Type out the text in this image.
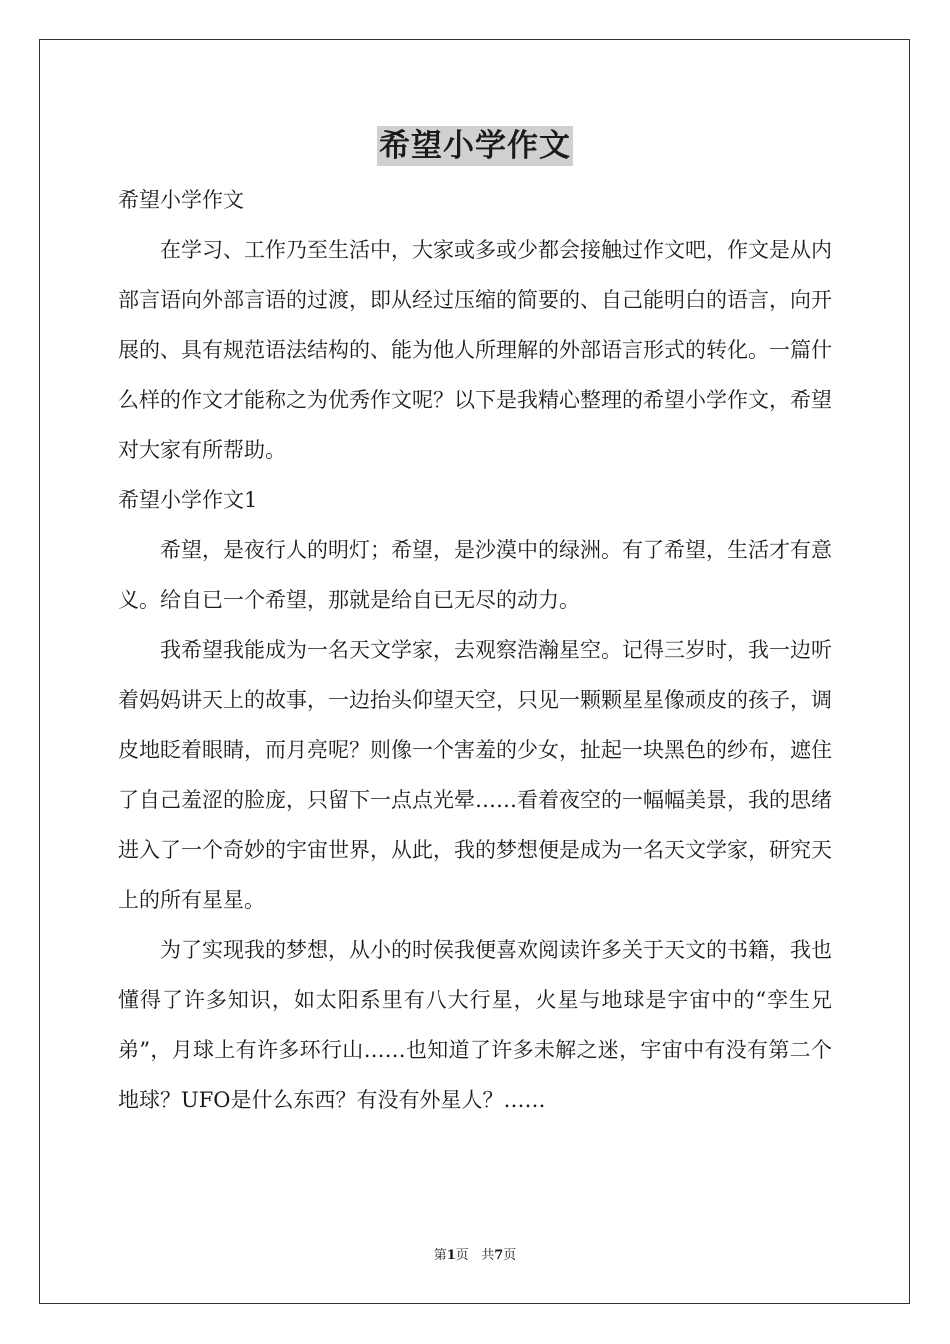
希望小学作文

希望小学作文

在学习、工作乃至生活中，大家或多或少都会接触过作文吧，作文是从内部言语向外部言语的过渡，即从经过压缩的简要的、自己能明白的语言，向开展的、具有规范语法结构的、能为他人所理解的外部语言形式的转化。一篇什么样的作文才能称之为优秀作文呢？以下是我精心整理的希望小学作文，希望对大家有所帮助。

希望小学作文1

希望，是夜行人的明灯；希望，是沙漠中的绿洲。有了希望，生活才有意义。给自已一个希望，那就是给自已无尽的动力。

我希望我能成为一名天文学家，去观察浩瀚星空。记得三岁时，我一边听着妈妈讲天上的故事，一边抬头仰望天空，只见一颗颗星星像顽皮的孩子，调皮地眨着眼睛，而月亮呢？则像一个害羞的少女，扯起一块黑色的纱布，遮住了自己羞涩的脸庞，只留下一点点光晕……看着夜空的一幅幅美景，我的思绪进入了一个奇妙的宇宙世界，从此，我的梦想便是成为一名天文学家，研究天上的所有星星。

为了实现我的梦想，从小的时侯我便喜欢阅读许多关于天文的书籍，我也懂得了许多知识，如太阳系里有八大行星，火星与地球是宇宙中的“孪生兄弟”，月球上有许多环行山……也知道了许多未解之迷，宇宙中有没有第二个地球？UFO是什么东西？有没有外星人？……

第1页 共7页
